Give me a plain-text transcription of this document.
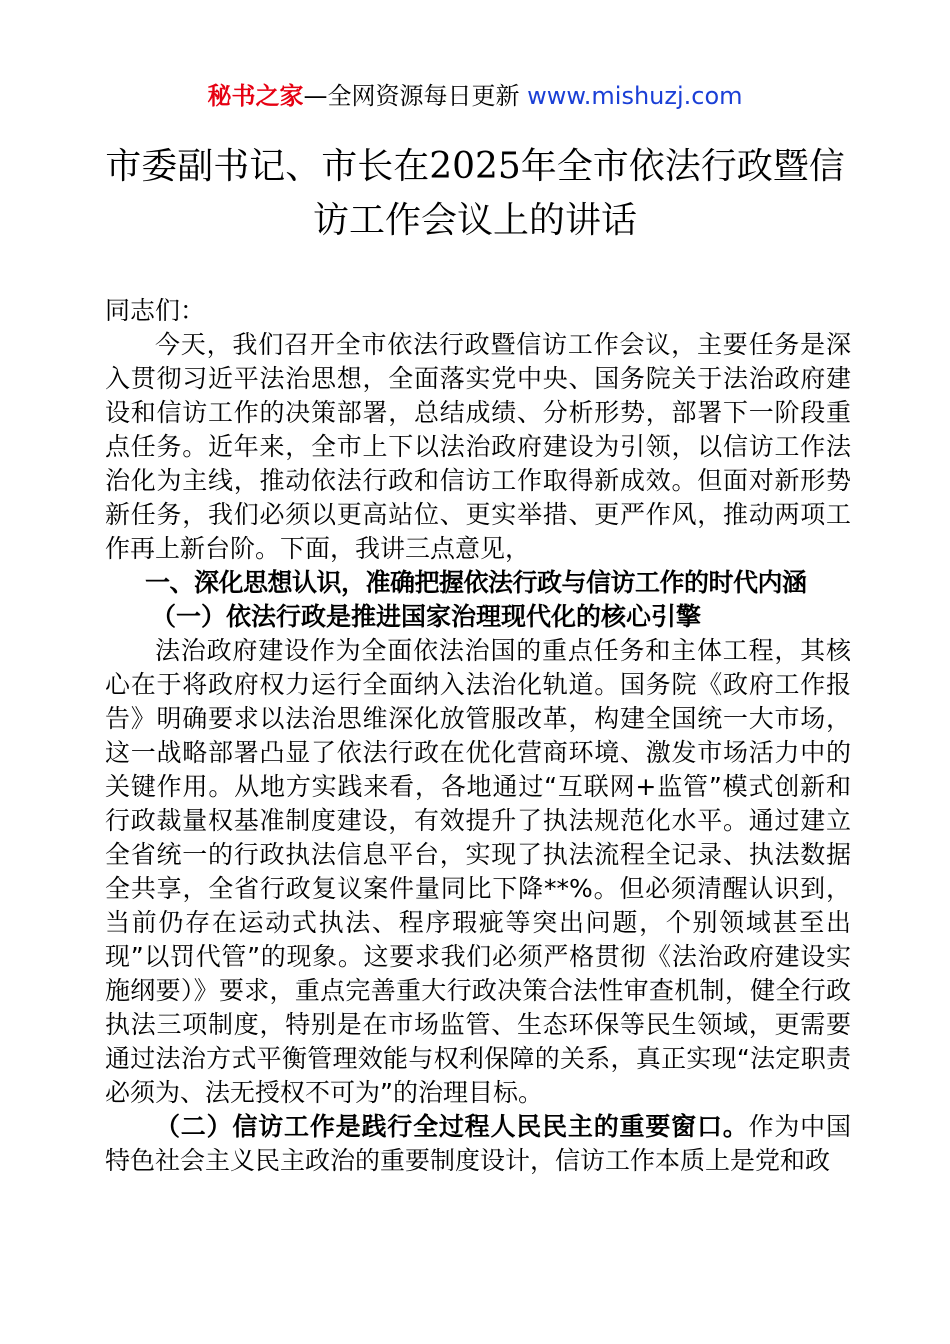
秘书之家—全网资源每日更新 www.mishuzj.com
市委副书记、市长在2025年全市依法行政暨信访工作会议上的讲话

同志们：

今天，我们召开全市依法行政暨信访工作会议，主要任务是深入贯彻习近平法治思想，全面落实党中央、国务院关于法治政府建设和信访工作的决策部署，总结成绩、分析形势，部署下一阶段重点任务。近年来，全市上下以法治政府建设为引领，以信访工作法治化为主线，推动依法行政和信访工作取得新成效。但面对新形势新任务，我们必须以更高站位、更实举措、更严作风，推动两项工作再上新台阶。下面，我讲三点意见，

一、深化思想认识，准确把握依法行政与信访工作的时代内涵

（一）依法行政是推进国家治理现代化的核心引擎

法治政府建设作为全面依法治国的重点任务和主体工程，其核心在于将政府权力运行全面纳入法治化轨道。国务院《政府工作报告》明确要求以法治思维深化放管服改革，构建全国统一大市场，这一战略部署凸显了依法行政在优化营商环境、激发市场活力中的关键作用。从地方实践来看，各地通过“互联网+监管”模式创新和行政裁量权基准制度建设，有效提升了执法规范化水平。通过建立全省统一的行政执法信息平台，实现了执法流程全记录、执法数据全共享，全省行政复议案件量同比下降**%。但必须清醒认识到，当前仍存在运动式执法、程序瑕疵等突出问题，个别领域甚至出现”以罚代管”的现象。这要求我们必须严格贯彻《法治政府建设实施纲要）》要求，重点完善重大行政决策合法性审查机制，健全行政执法三项制度，特别是在市场监管、生态环保等民生领域，更需要通过法治方式平衡管理效能与权利保障的关系，真正实现“法定职责必须为、法无授权不可为”的治理目标。

（二）信访工作是践行全过程人民民主的重要窗口。作为中国特色社会主义民主政治的重要制度设计，信访工作本质上是党和政
